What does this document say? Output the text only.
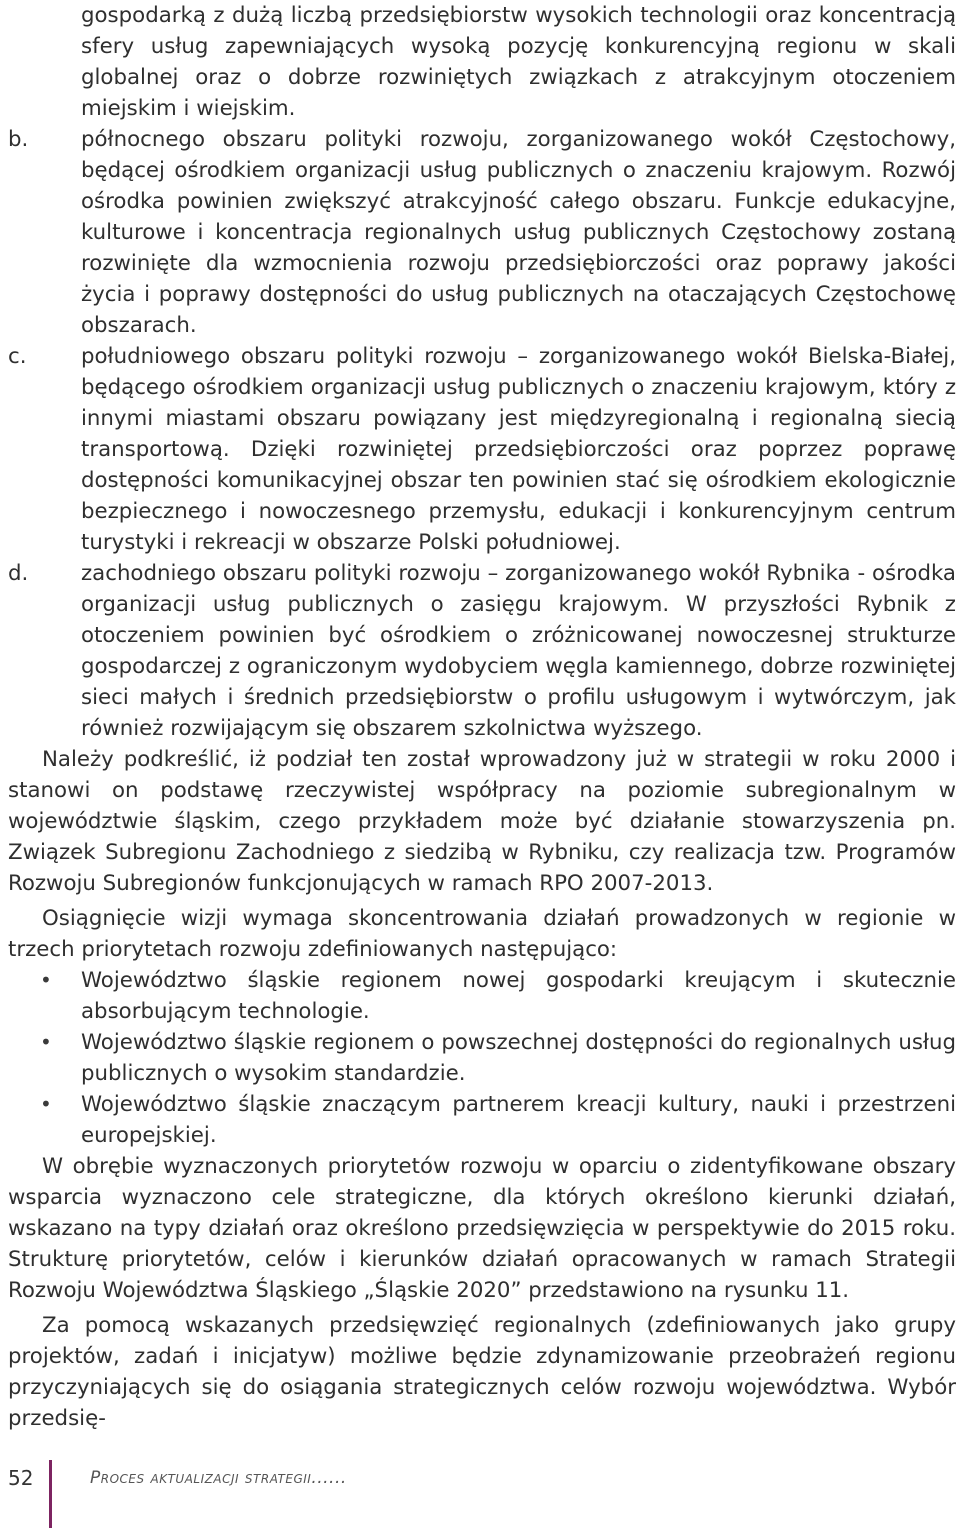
gospodarką z dużą liczbą przedsiębiorstw wysokich technologii oraz koncentracją sfery usług zapewniających wysoką pozycję konkurencyjną regionu w skali globalnej oraz o dobrze rozwiniętych związkach z atrakcyjnym otoczeniem miejskim i wiejskim.

b.	północnego obszaru polityki rozwoju, zorganizowanego wokół Częstochowy, będącej ośrodkiem organizacji usług publicznych o znaczeniu krajowym. Rozwój ośrodka powinien zwiększyć atrakcyjność całego obszaru. Funkcje edukacyjne, kulturowe i koncentracja regionalnych usług publicznych Częstochowy zostaną rozwinięte dla wzmocnienia rozwoju przedsiębiorczości oraz poprawy jakości życia i poprawy dostępności do usług publicznych na otaczających Częstochowę obszarach.
c.	południowego obszaru polityki rozwoju – zorganizowanego wokół Bielska-Białej, będącego ośrodkiem organizacji usług publicznych o znaczeniu krajowym, który z innymi miastami obszaru powiązany jest międzyregionalną i regionalną siecią transportową. Dzięki rozwiniętej przedsiębiorczości oraz poprzez poprawę dostępności komunikacyjnej obszar ten powinien stać się ośrodkiem ekologicznie bezpiecznego i nowoczesnego przemysłu, edukacji i konkurencyjnym centrum turystyki i rekreacji w obszarze Polski południowej.
d.	zachodniego obszaru polityki rozwoju – zorganizowanego wokół Rybnika - ośrodka organizacji usług publicznych o zasięgu krajowym. W przyszłości Rybnik z otoczeniem powinien być ośrodkiem o zróżnicowanej nowoczesnej strukturze gospodarczej z ograniczonym wydobyciem węgla kamiennego, dobrze rozwiniętej sieci małych i średnich przedsiębiorstw o profilu usługowym i wytwórczym, jak również rozwijającym się obszarem szkolnictwa wyższego.

Należy podkreślić, iż podział ten został wprowadzony już w strategii w roku 2000 i stanowi on podstawę rzeczywistej współpracy na poziomie subregionalnym w województwie śląskim, czego przykładem może być działanie stowarzyszenia pn. Związek Subregionu Zachodniego z siedzibą w Rybniku, czy realizacja tzw. Programów Rozwoju Subregionów funkcjonujących w ramach RPO 2007-2013.

Osiągnięcie wizji wymaga skoncentrowania działań prowadzonych w regionie w trzech priorytetach rozwoju zdefiniowanych następująco:

•	Województwo śląskie regionem nowej gospodarki kreującym i skutecznie absorbującym technologie.
•	Województwo śląskie regionem o powszechnej dostępności do regionalnych usług publicznych o wysokim standardzie.
•	Województwo śląskie znaczącym partnerem kreacji kultury, nauki i przestrzeni europejskiej.

W obrębie wyznaczonych priorytetów rozwoju w oparciu o zidentyfikowane obszary wsparcia wyznaczono cele strategiczne, dla których określono kierunki działań, wskazano na typy działań oraz określono przedsięwzięcia w perspektywie do 2015 roku. Strukturę priorytetów, celów i kierunków działań opracowanych w ramach Strategii Rozwoju Województwa Śląskiego „Śląskie 2020” przedstawiono na rysunku 11.

Za pomocą wskazanych przedsięwzięć regionalnych (zdefiniowanych jako grupy projektów, zadań i inicjatyw) możliwe będzie zdynamizowanie przeobrażeń regionu przyczyniających się do osiągania strategicznych celów rozwoju województwa. Wybór przedsię-

52	Proces aktualizacji strategii......
